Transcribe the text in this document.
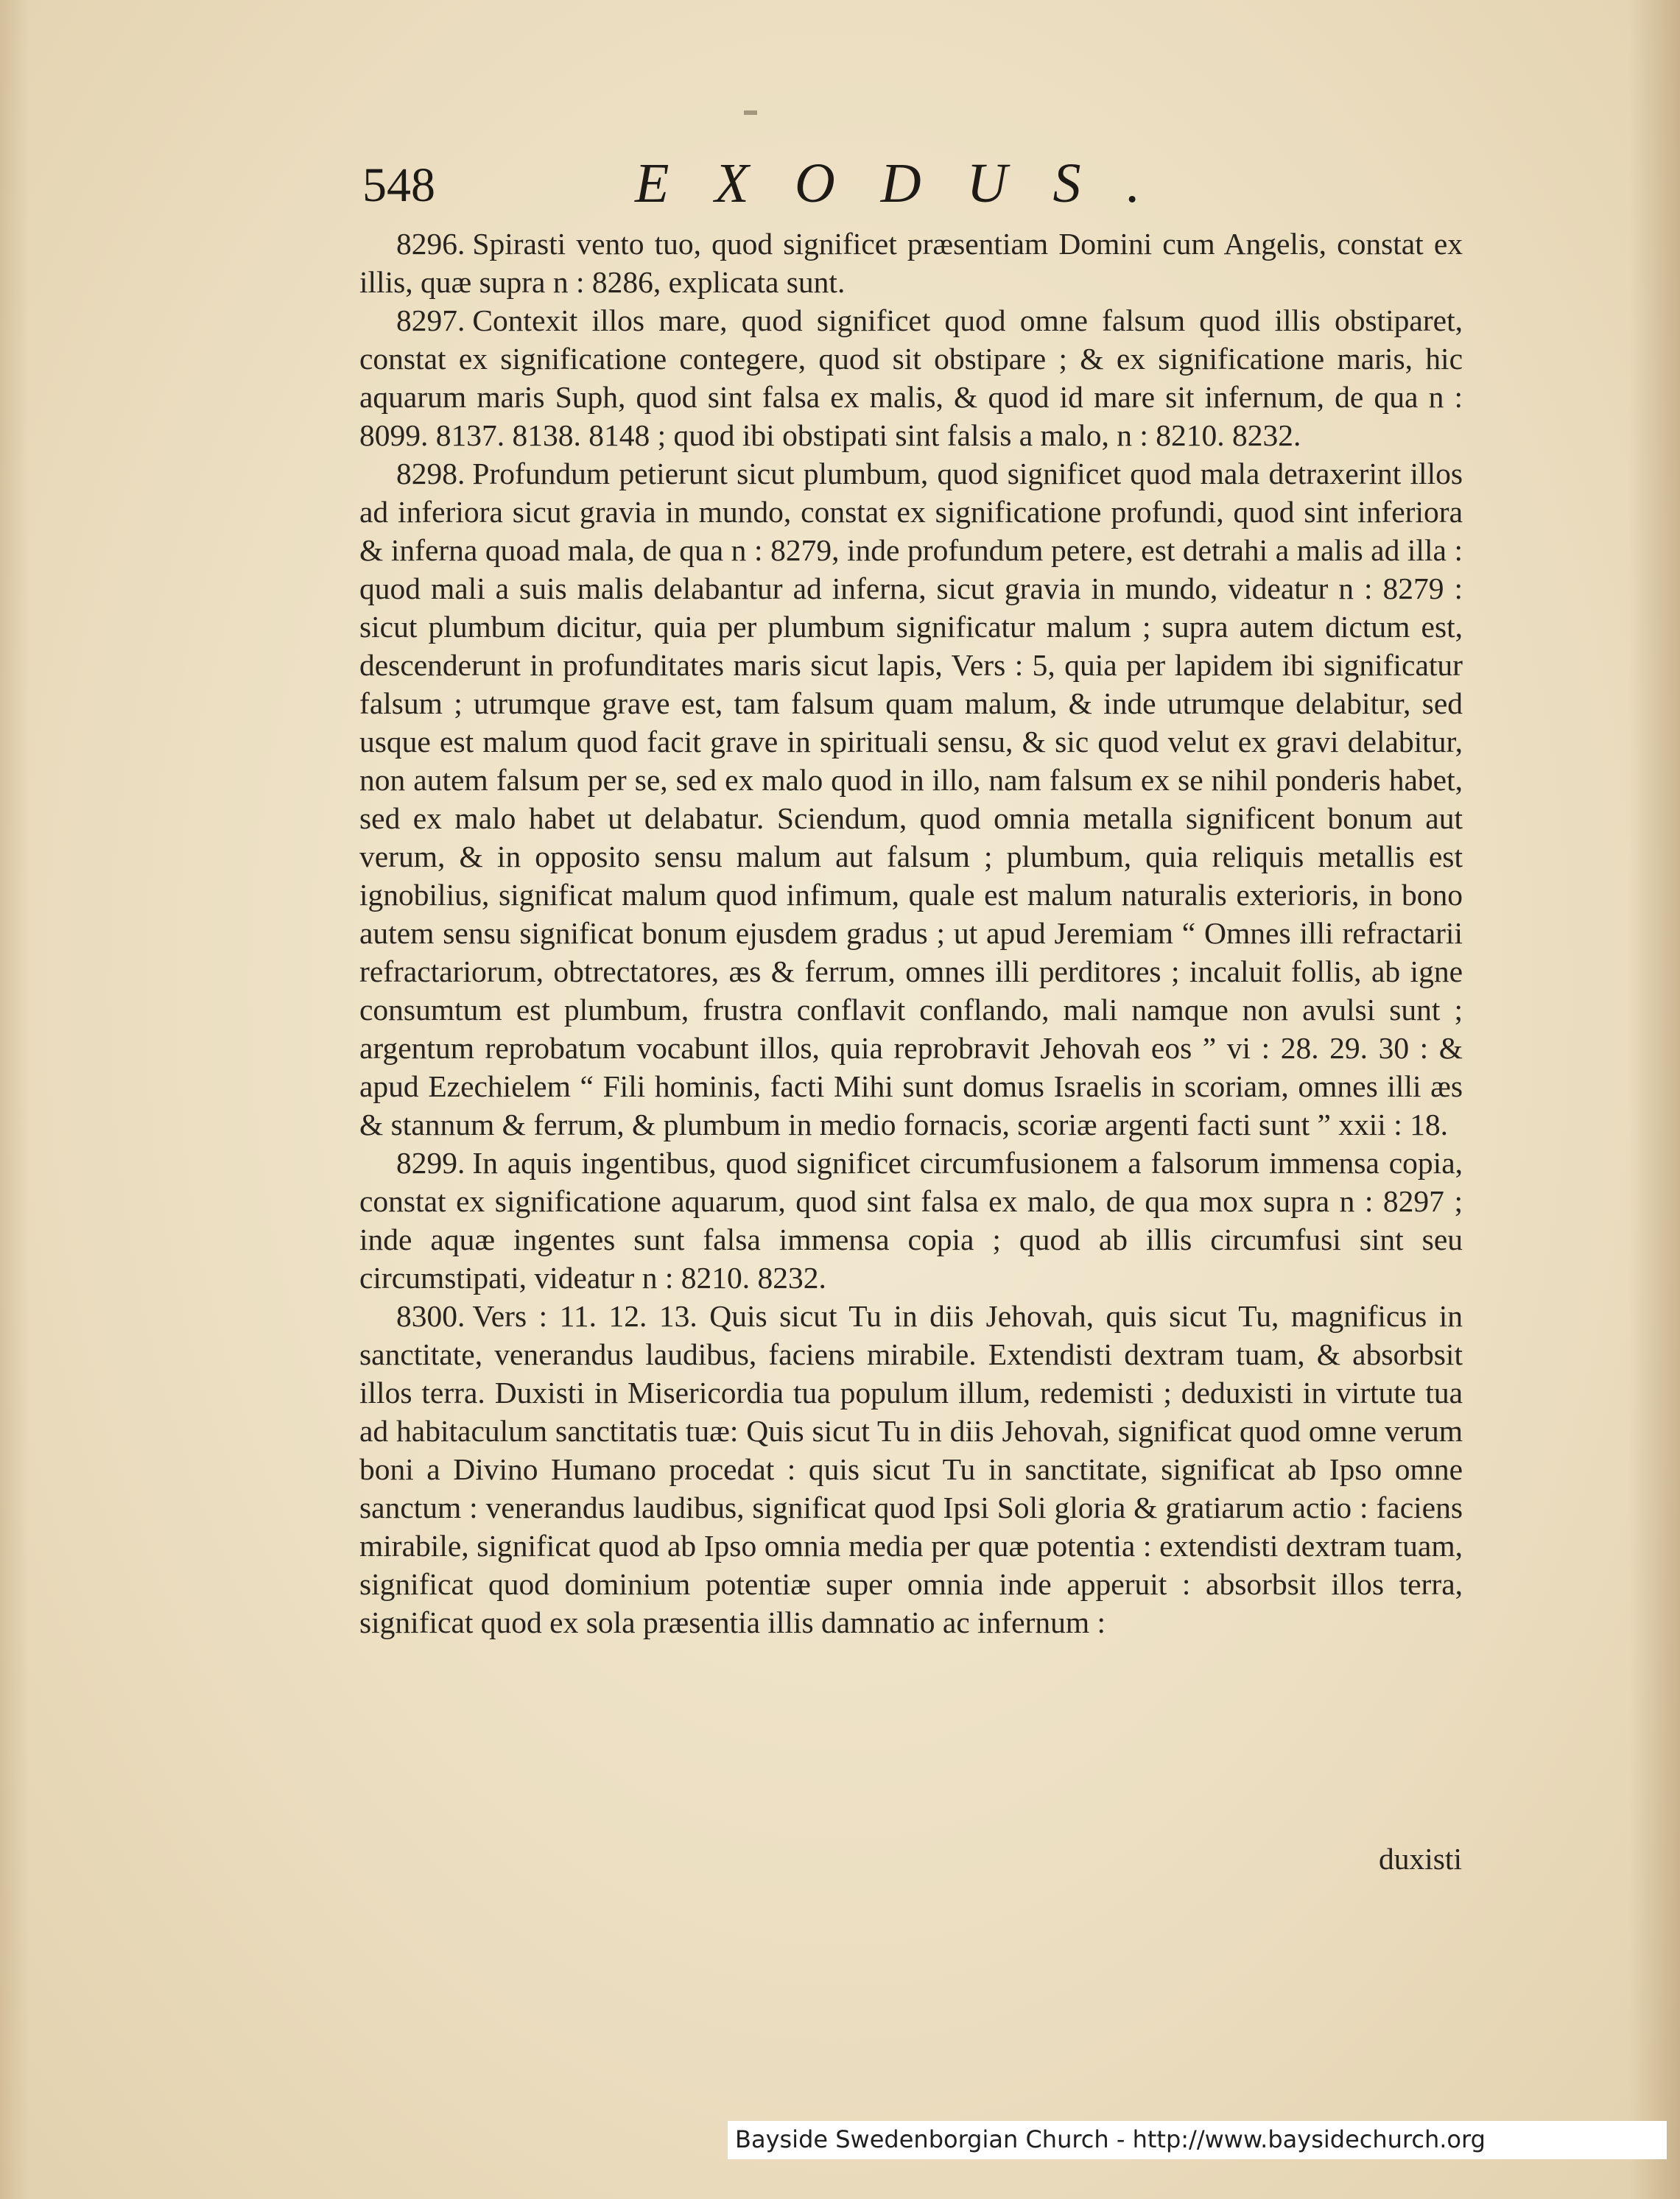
548	EXODUS.

8296. Spirasti vento tuo, quod significet præsentiam Domini cum Angelis, constat ex illis, quæ supra n : 8286, explicata sunt.

8297. Contexit illos mare, quod significet quod omne falsum quod illis obstiparet, constat ex significatione contegere, quod sit obstipare ; & ex significatione maris, hic aquarum maris Suph, quod sint falsa ex malis, & quod id mare sit infernum, de qua n : 8099. 8137. 8138. 8148 ; quod ibi obstipati sint falsis a malo, n : 8210. 8232.

8298. Profundum petierunt sicut plumbum, quod significet quod mala detraxerint illos ad inferiora sicut gravia in mundo, constat ex significatione profundi, quod sint inferiora & inferna quoad mala, de qua n : 8279, inde profundum petere, est detrahi a malis ad illa : quod mali a suis malis delabantur ad inferna, sicut gravia in mundo, videatur n : 8279 : sicut plumbum dicitur, quia per plumbum significatur malum ; supra autem dictum est, descenderunt in profunditates maris sicut lapis, Vers : 5, quia per lapidem ibi significatur falsum ; utrumque grave est, tam falsum quam malum, & inde utrumque delabitur, sed usque est malum quod facit grave in spirituali sensu, & sic quod velut ex gravi delabitur, non autem falsum per se, sed ex malo quod in illo, nam falsum ex se nihil ponderis habet, sed ex malo habet ut delabatur. Sciendum, quod omnia metalla significent bonum aut verum, & in opposito sensu malum aut falsum ; plumbum, quia reliquis metallis est ignobilius, significat malum quod infimum, quale est malum naturalis exterioris, in bono autem sensu significat bonum ejusdem gradus ; ut apud Jeremiam “ Omnes illi refractarii refractariorum, obtrectatores, æs & ferrum, omnes illi perditores ; incaluit follis, ab igne consumtum est plumbum, frustra conflavit conflando, mali namque non avulsi sunt ; argentum reprobatum vocabunt illos, quia reprobravit Jehovah eos ” vi : 28. 29. 30 : & apud Ezechielem “ Fili hominis, facti Mihi sunt domus Israelis in scoriam, omnes illi æs & stannum & ferrum, & plumbum in medio fornacis, scoriæ argenti facti sunt ” xxii : 18.

8299. In aquis ingentibus, quod significet circumfusionem a falsorum immensa copia, constat ex significatione aquarum, quod sint falsa ex malo, de qua mox supra n : 8297 ; inde aquæ ingentes sunt falsa immensa copia ; quod ab illis circumfusi sint seu circumstipati, videatur n : 8210. 8232.

8300. Vers : 11. 12. 13. Quis sicut Tu in diis Jehovah, quis sicut Tu, magnificus in sanctitate, venerandus laudibus, faciens mirabile. Extendisti dextram tuam, & absorbsit illos terra. Duxisti in Misericordia tua populum illum, redemisti ; deduxisti in virtute tua ad habitaculum sanctitatis tuæ: Quis sicut Tu in diis Jehovah, significat quod omne verum boni a Divino Humano procedat : quis sicut Tu in sanctitate, significat ab Ipso omne sanctum : venerandus laudibus, significat quod Ipsi Soli gloria & gratiarum actio : faciens mirabile, significat quod ab Ipso omnia media per quæ potentia : extendisti dextram tuam, significat quod dominium potentiæ super omnia inde apperuit : absorbsit illos terra, significat quod ex sola præsentia illis damnatio ac infernum :

duxisti
Bayside Swedenborgian Church - http://www.baysidechurch.org
